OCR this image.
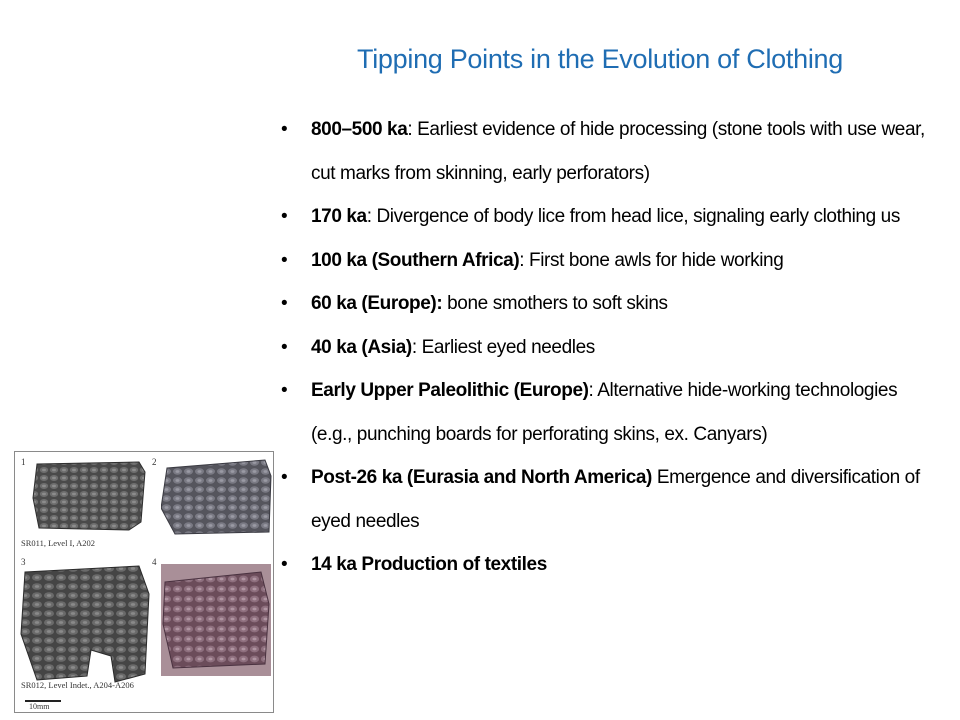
Tipping Points in the Evolution of Clothing
• 800–500 ka: Earliest evidence of hide processing (stone tools with use wear, cut marks from skinning, early perforators)
• 170 ka: Divergence of body lice from head lice, signaling early clothing us
• 100 ka (Southern Africa): First bone awls for hide working
• 60 ka (Europe): bone smothers to soft skins
• 40 ka (Asia): Earliest eyed needles
• Early Upper Paleolithic (Europe): Alternative hide-working technologies (e.g., punching boards for perforating skins, ex. Canyars)
• Post-26 ka (Eurasia and North America) Emergence and diversification of eyed needles
• 14 ka Production of textiles
1	2
3	4
SR011, Level I, A202
SR012, Level Indet., A204-A206
10mm
